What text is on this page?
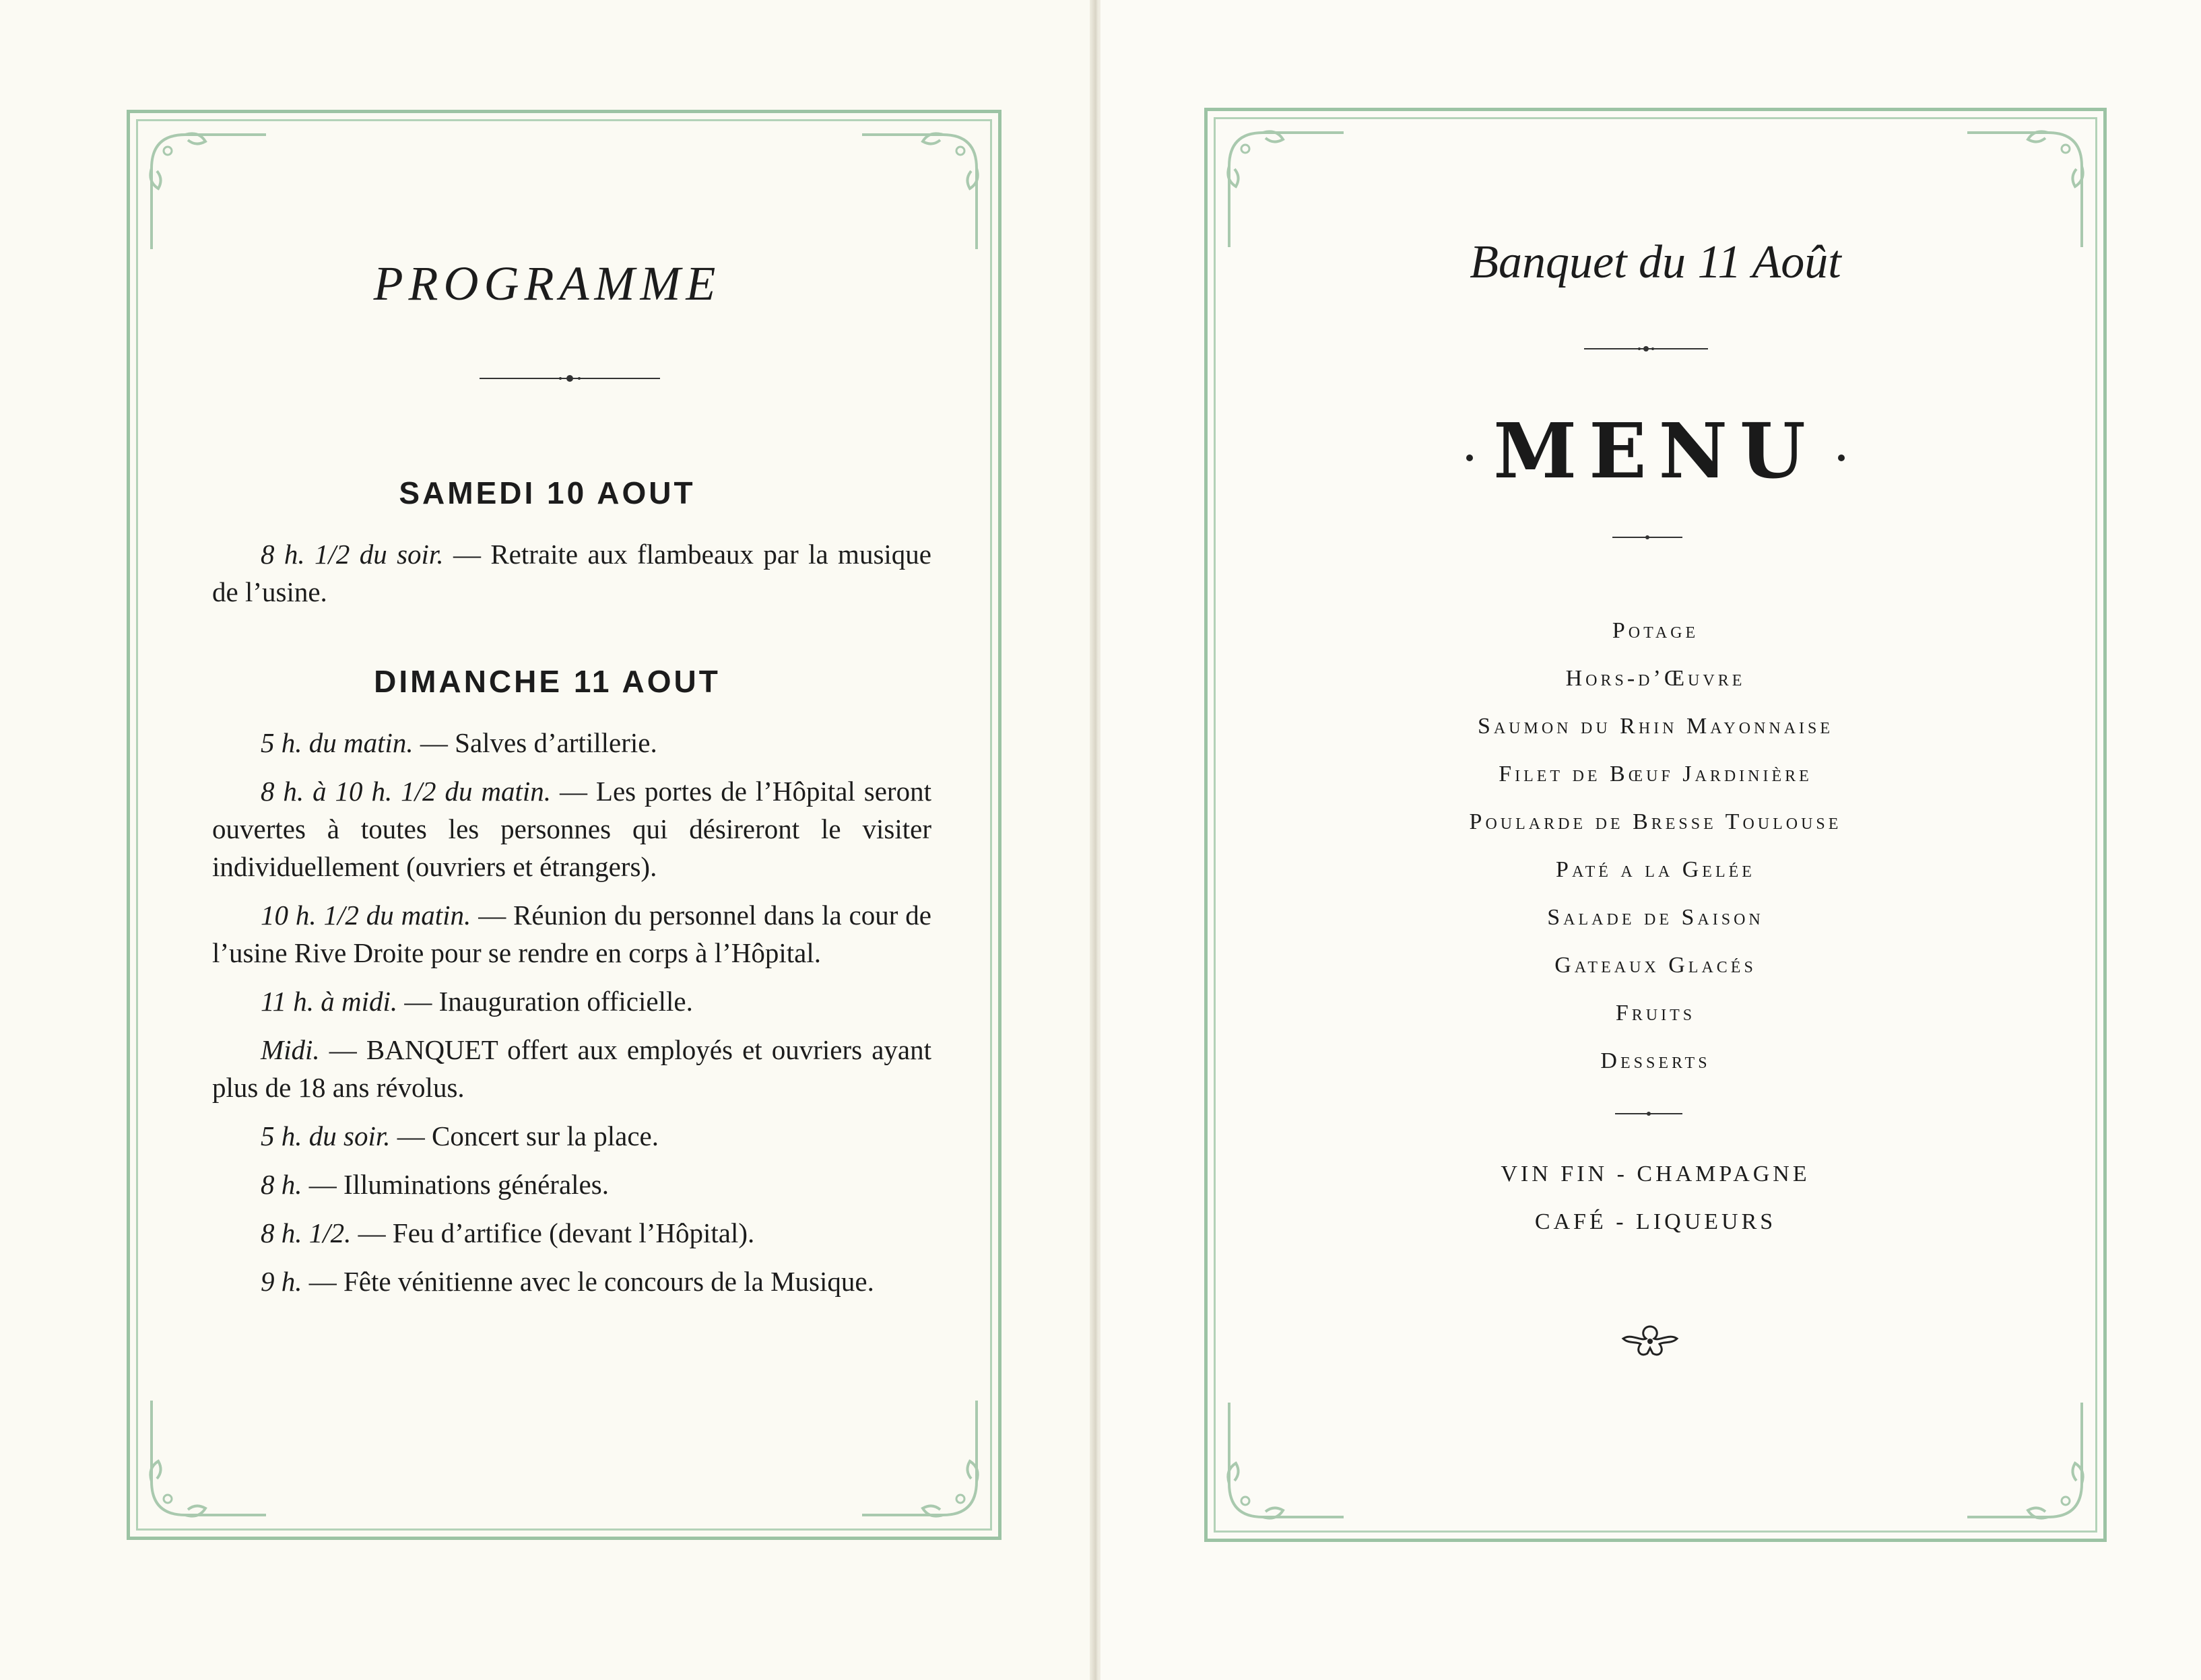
PROGRAMME
SAMEDI 10 AOUT
8 h. 1/2 du soir. — Retraite aux flambeaux par la musique de l’usine.
DIMANCHE 11 AOUT
5 h. du matin. — Salves d’artillerie.
8 h. à 10 h. 1/2 du matin. — Les portes de l’Hôpital seront ouvertes à toutes les personnes qui désireront le visiter individuellement (ouvriers et étrangers).
10 h. 1/2 du matin. — Réunion du personnel dans la cour de l’usine Rive Droite pour se rendre en corps à l’Hôpital.
11 h. à midi. — Inauguration officielle.
Midi. — BANQUET offert aux employés et ouvriers ayant plus de 18 ans révolus.
5 h. du soir. — Concert sur la place.
8 h. — Illuminations générales.
8 h. 1/2. — Feu d’artifice (devant l’Hôpital).
9 h. — Fête vénitienne avec le concours de la Musique.
Banquet du 11 Août
MENU
Potage
Hors-d’Œuvre
Saumon du Rhin Mayonnaise
Filet de Bœuf Jardinière
Poularde de Bresse Toulouse
Paté a la Gelée
Salade de Saison
Gateaux Glacés
Fruits
Desserts
VIN FIN - CHAMPAGNE
CAFÉ - LIQUEURS
